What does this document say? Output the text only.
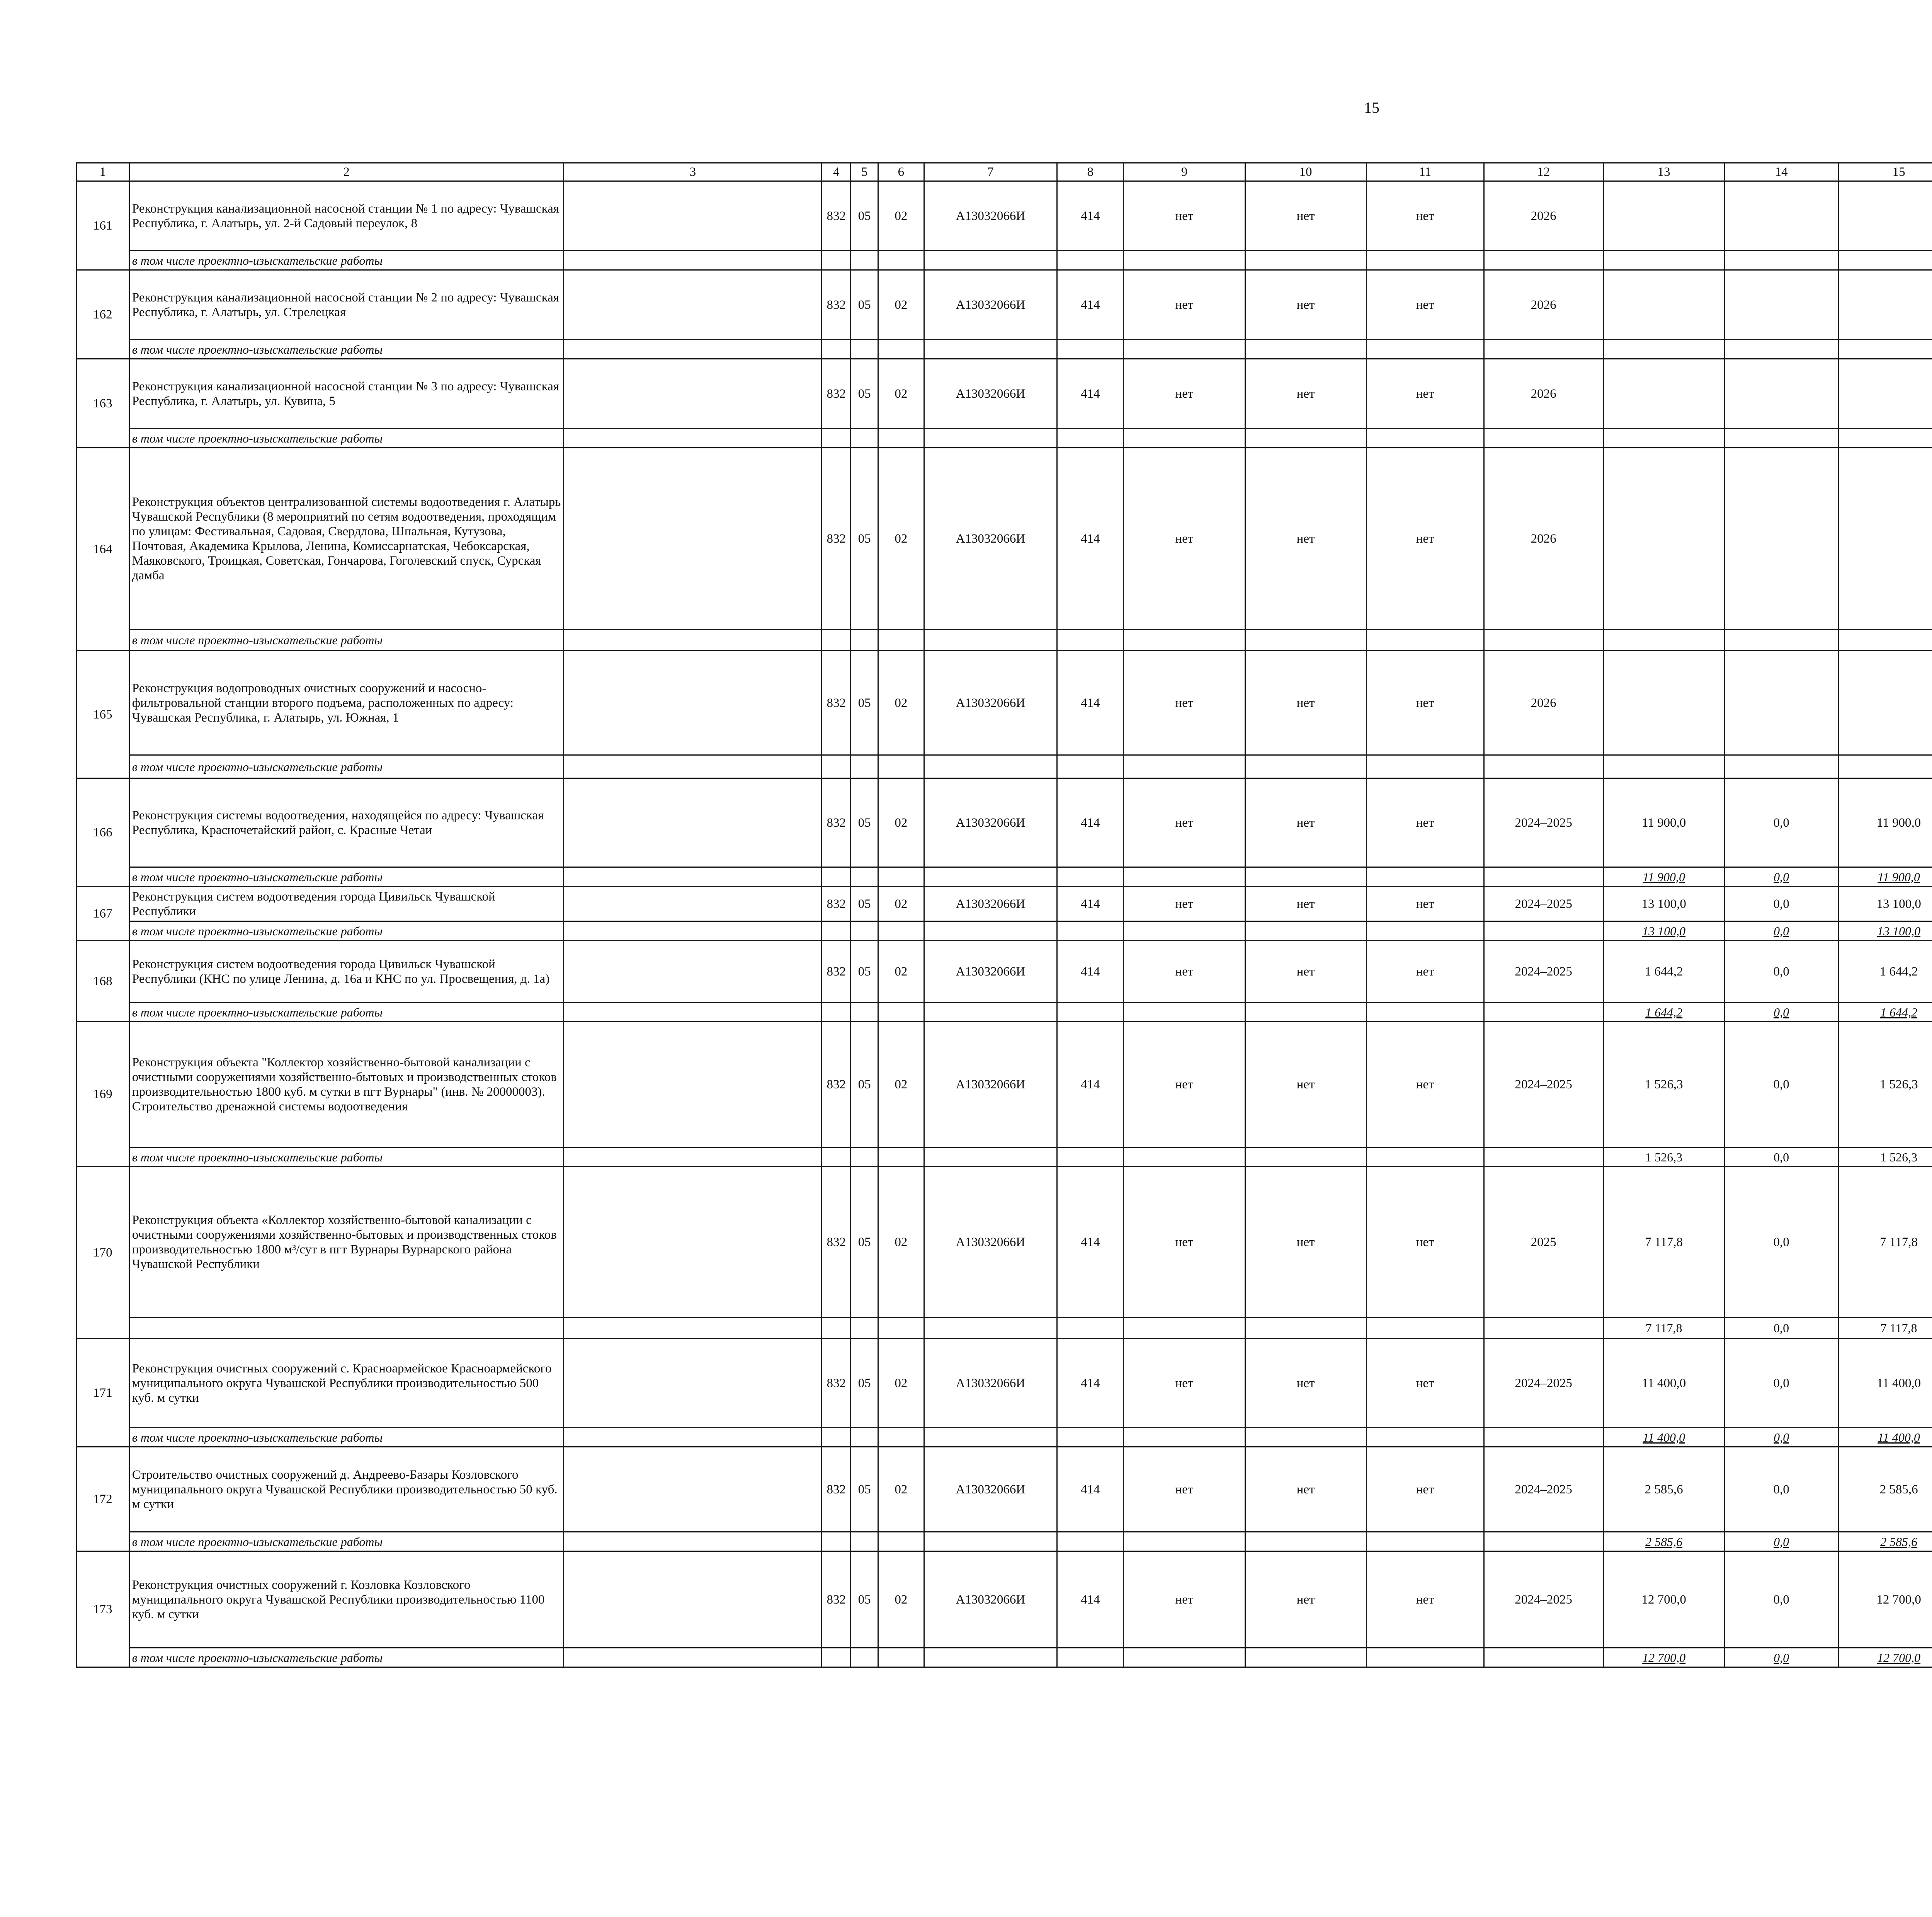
15
1	2	3	4	5	6	7	8	9	10	11	12	13	14	15						
161	Реконструкция канализационной насосной станции № 1 по адресу: Чувашская Республика, г. Алатырь, ул. 2-й Садовый переулок, 8		832	05	02	A13032066И	414	нет	нет	нет	2026									
	в том числе проектно-изыскательские работы																			
162	Реконструкция канализационной насосной станции № 2 по адресу: Чувашская Республика, г. Алатырь, ул. Стрелецкая		832	05	02	A13032066И	414	нет	нет	нет	2026									
	в том числе проектно-изыскательские работы																			
163	Реконструкция канализационной насосной станции № 3 по адресу: Чувашская Республика, г. Алатырь, ул. Кувина, 5		832	05	02	A13032066И	414	нет	нет	нет	2026									
	в том числе проектно-изыскательские работы																			
164	Реконструкция объектов централизованной системы водоотведения г. Алатырь Чувашской Республики (8 мероприятий по сетям водоотведения, проходящим по улицам: Фестивальная, Садовая, Свердлова, Шпальная, Кутузова, Почтовая, Академика Крылова, Ленина, Комиссарнатская, Чебоксарская, Маяковского, Троицкая, Советская, Гончарова, Гоголевский спуск, Сурская дамба		832	05	02	A13032066И	414	нет	нет	нет	2026									
	в том числе проектно-изыскательские работы																			
165	Реконструкция водопроводных очистных сооружений и насосно-фильтровальной станции второго подъема, расположенных по адресу: Чувашская Республика, г. Алатырь, ул. Южная, 1		832	05	02	A13032066И	414	нет	нет	нет	2026									
	в том числе проектно-изыскательские работы																			
166	Реконструкция системы водоотведения, находящейся по адресу: Чувашская Республика, Красночетайский район, с. Красные Четаи		832	05	02	A13032066И	414	нет	нет	нет	2024–2025	11 900,0	0,0	11 900,0						
	в том числе проектно-изыскательские работы											11 900,0	0,0	11 900,0						
167	Реконструкция систем водоотведения города Цивильск Чувашской Республики		832	05	02	A13032066И	414	нет	нет	нет	2024–2025	13 100,0	0,0	13 100,0						
	в том числе проектно-изыскательские работы											13 100,0	0,0	13 100,0						
168	Реконструкция систем водоотведения города Цивильск Чувашской Республики (КНС по улице Ленина, д. 16а и КНС по ул. Просвещения, д. 1а)		832	05	02	A13032066И	414	нет	нет	нет	2024–2025	1 644,2	0,0	1 644,2						
	в том числе проектно-изыскательские работы											1 644,2	0,0	1 644,2						
169	Реконструкция объекта "Коллектор хозяйственно-бытовой канализации с очистными сооружениями хозяйственно-бытовых и производственных стоков производительностью 1800 куб. м сутки в пгт Вурнары" (инв. № 20000003). Строительство дренажной системы водоотведения		832	05	02	A13032066И	414	нет	нет	нет	2024–2025	1 526,3	0,0	1 526,3						
	в том числе проектно-изыскательские работы											1 526,3	0,0	1 526,3						
170	Реконструкция объекта «Коллектор хозяйственно-бытовой канализации с очистными сооружениями хозяйственно-бытовых и производственных стоков производительностью 1800 м³/сут в пгт Вурнары Вурнарского района Чувашской Республики		832	05	02	A13032066И	414	нет	нет	нет	2025	7 117,8	0,0	7 117,8						
												7 117,8	0,0	7 117,8						
171	Реконструкция очистных сооружений с. Красноармейское Красноармейского муниципального округа Чувашской Республики производительностью 500 куб. м сутки		832	05	02	A13032066И	414	нет	нет	нет	2024–2025	11 400,0	0,0	11 400,0						
	в том числе проектно-изыскательские работы											11 400,0	0,0	11 400,0						
172	Строительство очистных сооружений д. Андреево-Базары Козловского муниципального округа Чувашской Республики производительностью 50 куб. м сутки		832	05	02	A13032066И	414	нет	нет	нет	2024–2025	2 585,6	0,0	2 585,6						
	в том числе проектно-изыскательские работы											2 585,6	0,0	2 585,6						
173	Реконструкция очистных сооружений г. Козловка Козловского муниципального округа Чувашской Республики производительностью 1100 куб. м сутки		832	05	02	A13032066И	414	нет	нет	нет	2024–2025	12 700,0	0,0	12 700,0						
	в том числе проектно-изыскательские работы											12 700,0	0,0	12 700,0						
